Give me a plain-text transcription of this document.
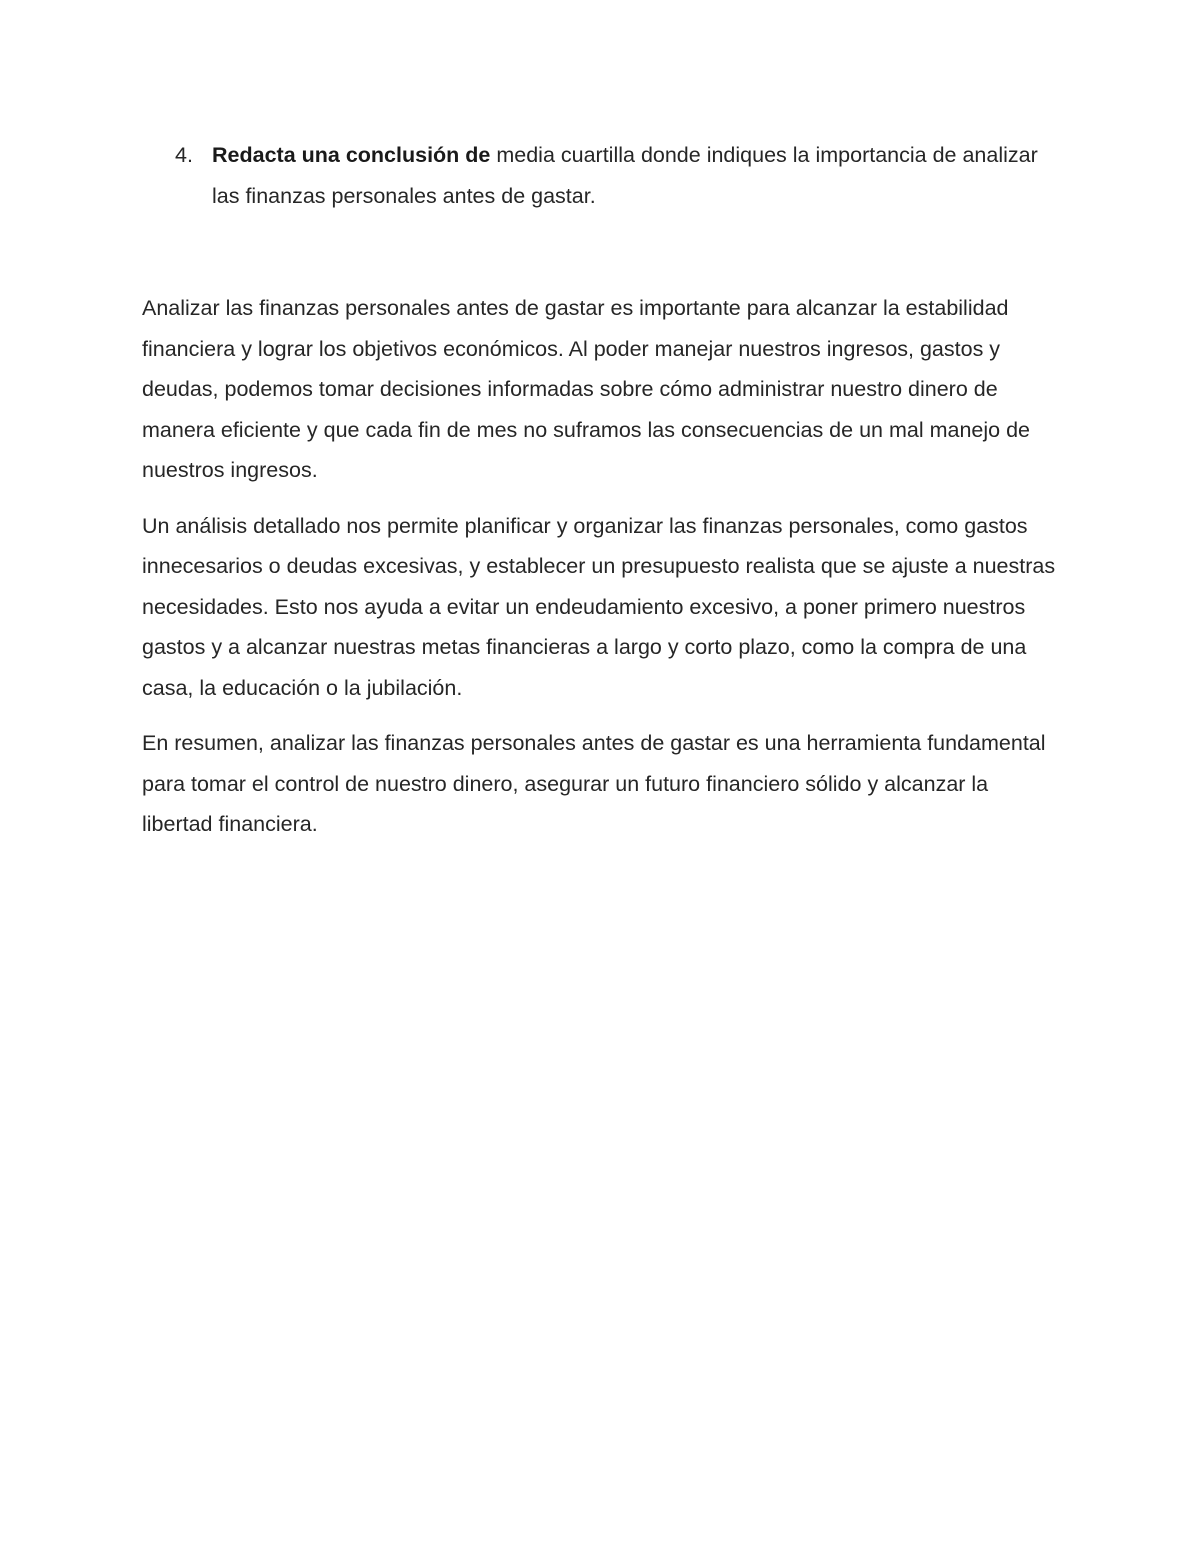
4. Redacta una conclusión de media cuartilla donde indiques la importancia de analizar las finanzas personales antes de gastar.

Analizar las finanzas personales antes de gastar es importante para alcanzar la estabilidad financiera y lograr los objetivos económicos. Al poder manejar nuestros ingresos, gastos y deudas, podemos tomar decisiones informadas sobre cómo administrar nuestro dinero de manera eficiente y que cada fin de mes no suframos las consecuencias de un mal manejo de nuestros ingresos.

Un análisis detallado nos permite planificar y organizar las finanzas personales, como gastos innecesarios o deudas excesivas, y establecer un presupuesto realista que se ajuste a nuestras necesidades. Esto nos ayuda a evitar un endeudamiento excesivo, a poner primero nuestros gastos y a alcanzar nuestras metas financieras a largo y corto plazo, como la compra de una casa, la educación o la jubilación.

En resumen, analizar las finanzas personales antes de gastar es una herramienta fundamental para tomar el control de nuestro dinero, asegurar un futuro financiero sólido y alcanzar la libertad financiera.
